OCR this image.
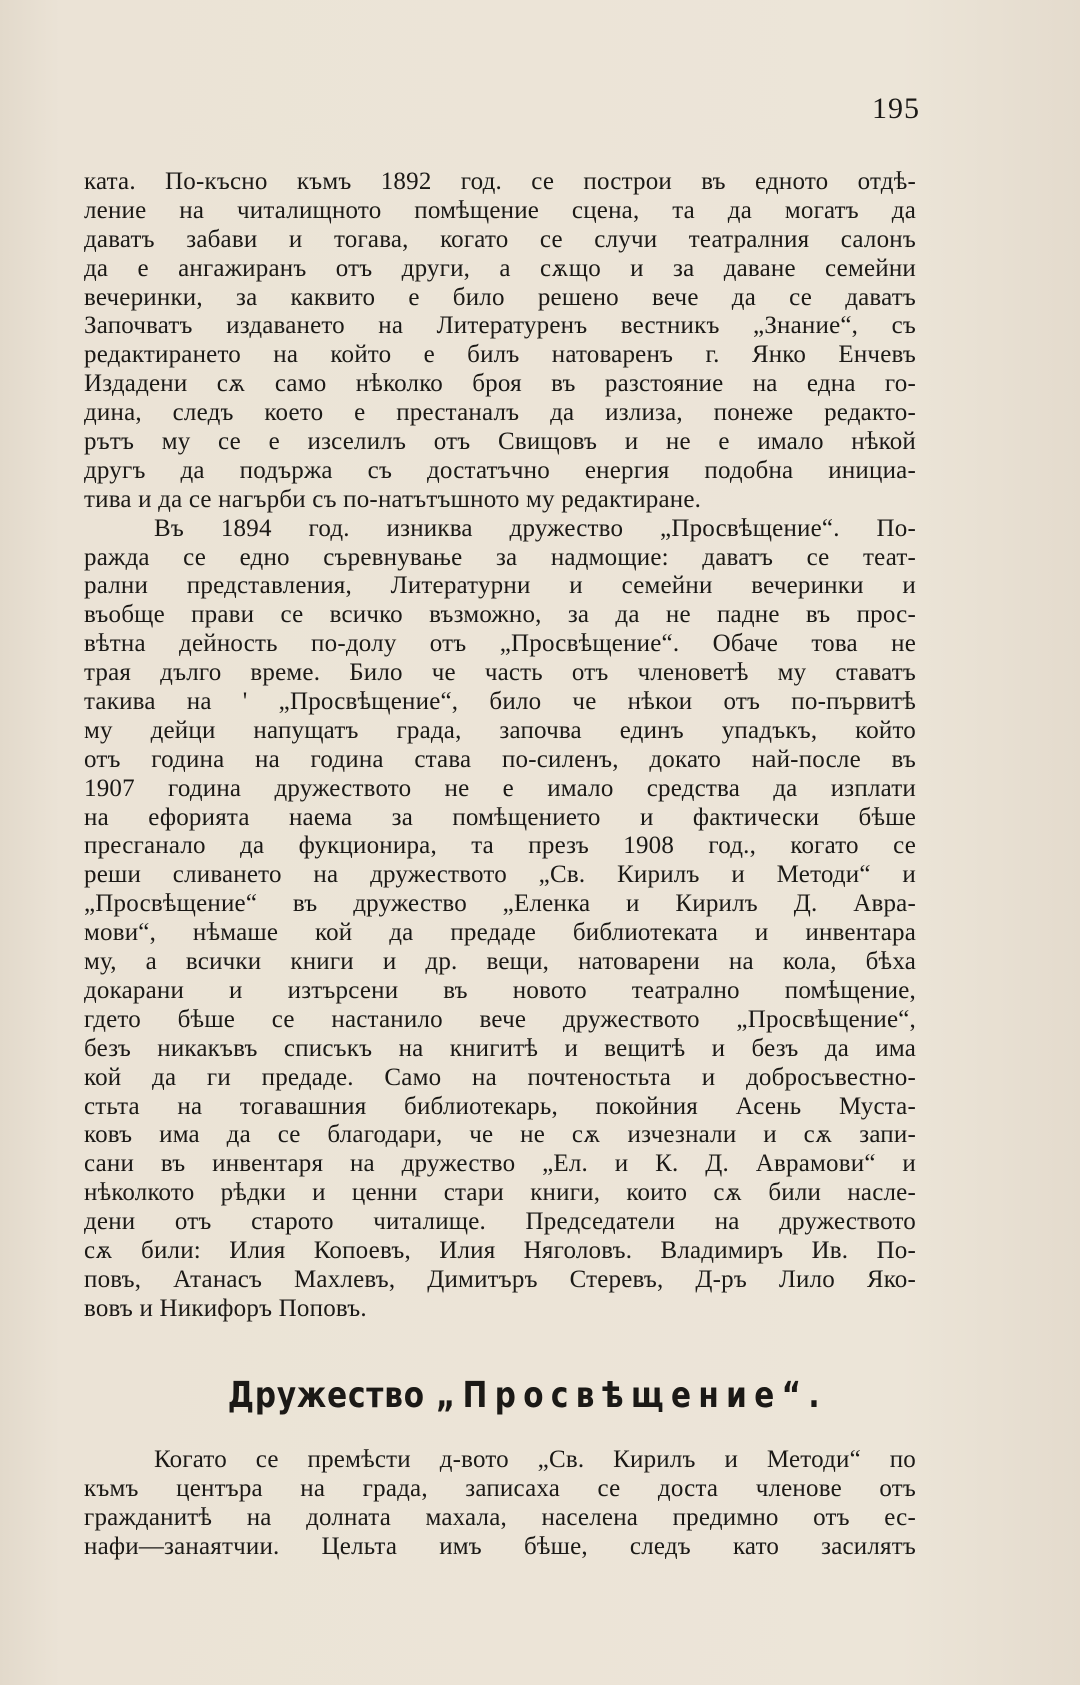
195

ката. По-късно къмъ 1892 год. се построи въ едното отдѣ-
ление на читалищното помѣщение сцена, та да могатъ да
даватъ забави и тогава, когато се случи театралния салонъ
да е ангажиранъ отъ други, а сѫщо и за даване семейни
вечеринки, за каквито е било решено вече да се даватъ
Започватъ издаването на Литературенъ вестникъ „Знание“, съ
редактирането на който е билъ натоваренъ г. Янко Енчевъ
Издадени сѫ само нѣколко броя въ разстояние на една го-
дина, следъ което е престаналъ да излиза, понеже редакто-
рътъ му се е изселилъ отъ Свищовъ и не е имало нѣкой
другъ да подържа съ достатъчно енергия подобна инициа-
тива и да се нагърби съ по-натътъшното му редактиране.

Въ 1894 год. изниква дружество „Просвѣщение“. По-
ражда се едно съревнување за надмощие: даватъ се теат-
рални представления, Литературни и семейни вечеринки и
въобще прави се всичко възможно, за да не падне въ прос-
вѣтна дейность по-долу отъ „Просвѣщение“. Обаче това не
трая дълго време. Било че часть отъ членоветѣ му ставатъ
такива на ' „Просвѣщение“, било че нѣкои отъ по-първитѣ
му дейци напущатъ града, започва единъ упадъкъ, който
отъ година на година става по-силенъ, докато най-после въ
1907 година дружеството не е имало средства да изплати
на ефорията наема за помѣщението и фактически бѣше
пресганало да фукционира, та презъ 1908 год., когато се
реши сливането на дружеството „Св. Кирилъ и Методи“ и
„Просвѣщение“ въ дружество „Еленка и Кирилъ Д. Авра-
мови“, нѣмаше кой да предаде библиотеката и инвентара
му, а всички книги и др. вещи, натоварени на кола, бѣха
докарани и изтърсени въ новото театрално помѣщение,
гдето бѣше се настанило вече дружеството „Просвѣщение“,
безъ никакъвъ списъкъ на книгитѣ и вещитѣ и безъ да има
кой да ги предаде. Само на почтеностьта и добросъвестно-
стьта на тогавашния библиотекарь, покойния Асень Муста-
ковъ има да се благодари, че не сѫ изчезнали и сѫ запи-
сани въ инвентаря на дружество „Ел. и К. Д. Аврамови“ и
нѣколкото рѣдки и ценни стари книги, които сѫ били насле-
дени отъ старото читалище. Председатели на дружеството
сѫ били: Илия Копоевъ, Илия Няголовъ. Владимиръ Ив. По-
повъ, Атанасъ Махлевъ, Димитъръ Стеревъ, Д-ръ Лило Яко-
вовъ и Никифоръ Поповъ.

Дружество „Просвѣщение“.

Когато се премѣсти д-вото „Св. Кирилъ и Методи“ по
къмъ центъра на града, записаха се доста членове отъ
гражданитѣ на долната махала, населена предимно отъ ес-
нафи—занаятчии. Цельта имъ бѣше, следъ като засилятъ
